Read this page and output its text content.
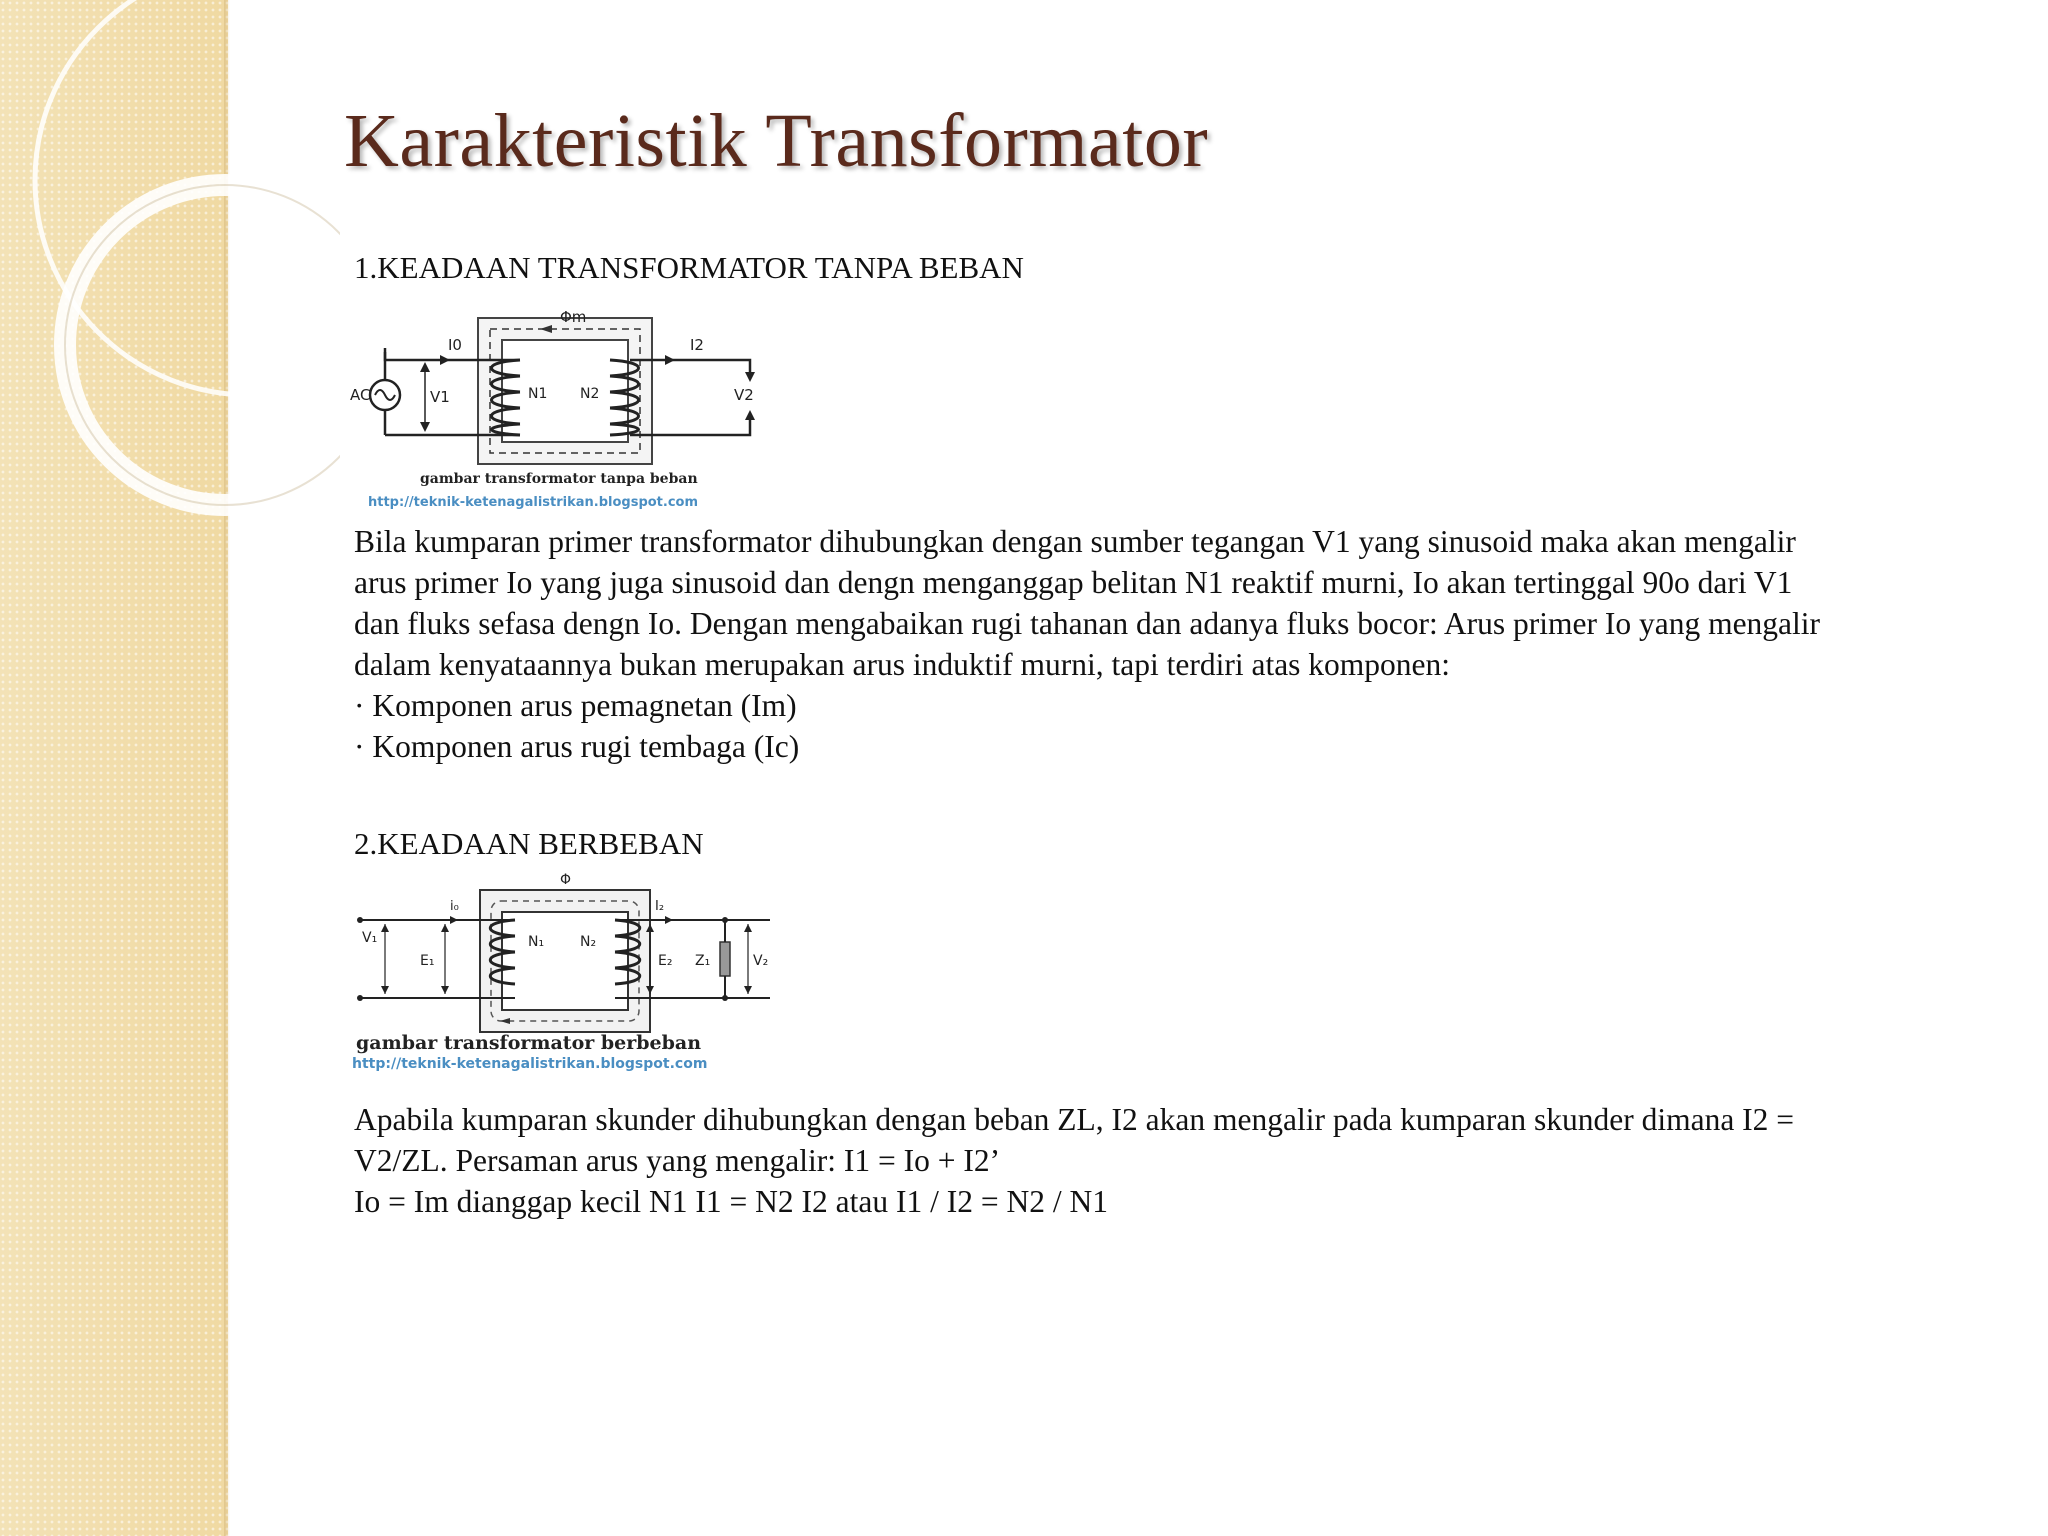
Karakteristik Transformator
1.KEADAAN TRANSFORMATOR TANPA BEBAN
AC	V1
I0
N1 N2
Φm
I2
V2
gambar transformator tanpa beban
http://teknik-ketenagalistrikan.blogspot.com

Bila kumparan primer transformator dihubungkan dengan sumber tegangan V1 yang sinusoid maka akan mengalir
arus primer Io yang juga sinusoid dan dengn menganggap belitan N1 reaktif murni, Io akan tertinggal 90o dari V1
dan fluks sefasa dengn Io. Dengan mengabaikan rugi tahanan dan adanya fluks bocor: Arus primer Io yang mengalir
dalam kenyataannya bukan merupakan arus induktif murni, tapi terdiri atas komponen:
· Komponen arus pemagnetan (Im)
· Komponen arus rugi tembaga (Ic)

2.KEADAAN BERBEBAN
V₁
E₁
i₀
N₁	N₂
Φ
I₂
E₂ Z₁	V₂
gambar transformator berbeban
http://teknik-ketenagalistrikan.blogspot.com

Apabila kumparan skunder dihubungkan dengan beban ZL, I2 akan mengalir pada kumparan skunder dimana I2 =
V2/ZL. Persaman arus yang mengalir: I1 = Io + I2’
Io = Im dianggap kecil N1 I1 = N2 I2 atau I1 / I2 = N2 / N1
